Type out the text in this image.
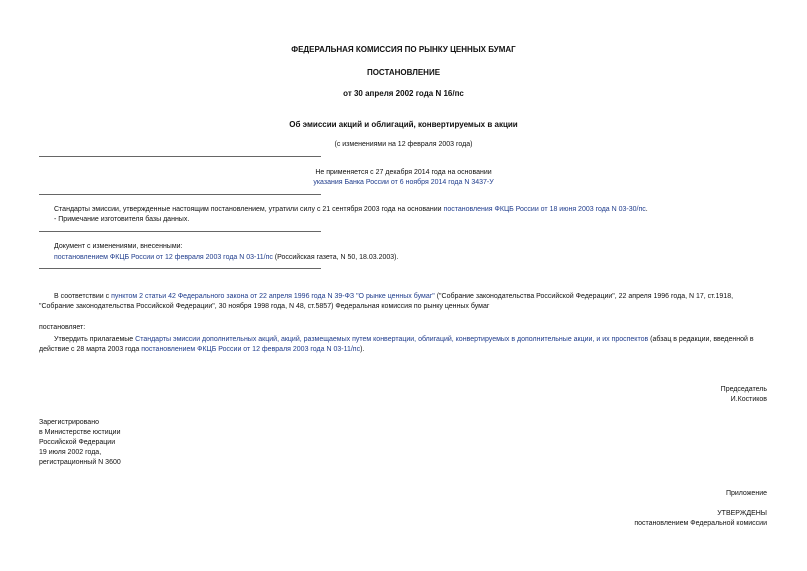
ФЕДЕРАЛЬНАЯ КОМИССИЯ ПО РЫНКУ ЦЕННЫХ БУМАГ
ПОСТАНОВЛЕНИЕ
от 30 апреля 2002 года N 16/пс
Об эмиссии акций и облигаций, конвертируемых в акции
(с изменениями на 12 февраля 2003 года)
Не применяется с 27 декабря 2014 года на основании
указания Банка России от 6 ноября 2014 года N 3437-У
Стандарты эмиссии, утвержденные настоящим постановлением, утратили силу с 21 сентября 2003 года на основании постановления ФКЦБ России от 18 июня 2003 года N 03-30/пс.
- Примечание изготовителя базы данных.
Документ с изменениями, внесенными:
постановлением ФКЦБ России от 12 февраля 2003 года N 03-11/пс (Российская газета, N 50, 18.03.2003).
В соответствии с пунктом 2 статьи 42 Федерального закона от 22 апреля 1996 года N 39-ФЗ "О рынке ценных бумаг" ("Собрание законодательства Российской Федерации", 22 апреля 1996 года, N 17, ст.1918, "Собрание законодательства Российской Федерации", 30 ноября 1998 года, N 48, ст.5857) Федеральная комиссия по рынку ценных бумаг
постановляет:
Утвердить прилагаемые Стандарты эмиссии дополнительных акций, акций, размещаемых путем конвертации, облигаций, конвертируемых в дополнительные акции, и их проспектов (абзац в редакции, введенной в действие с 28 марта 2003 года постановлением ФКЦБ России от 12 февраля 2003 года N 03-11/пс).
Председатель
И.Костиков
Зарегистрировано
в Министерстве юстиции
Российской Федерации
19 июля 2002 года,
регистрационный N 3600
Приложение
УТВЕРЖДЕНЫ
постановлением Федеральной комиссии
